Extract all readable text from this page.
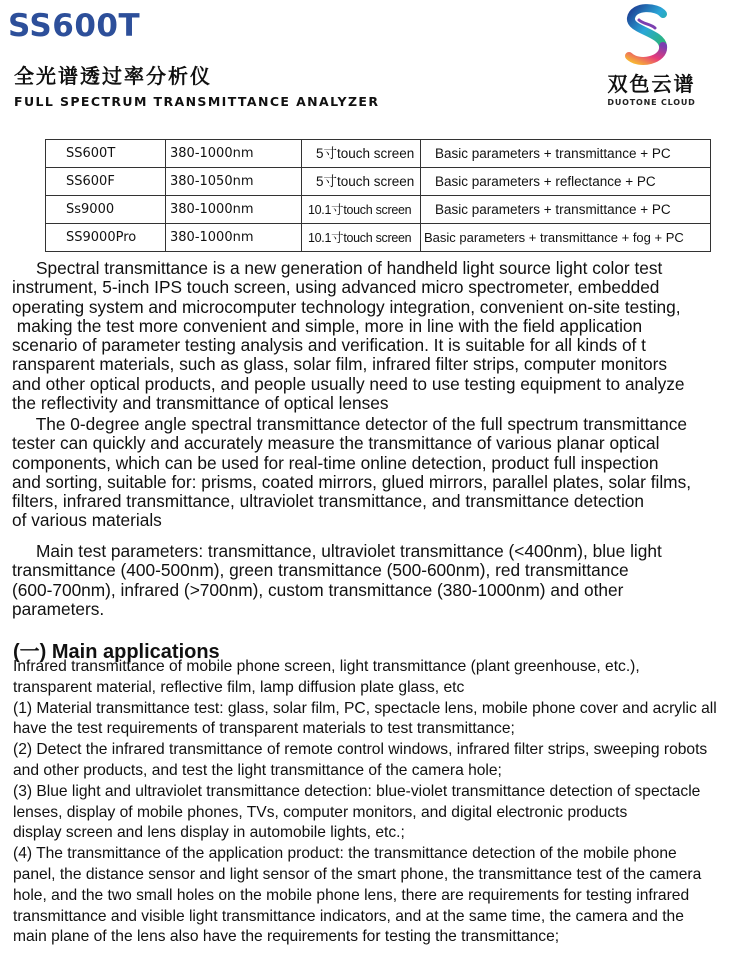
SS600T
全光谱透过率分析仪
FULL SPECTRUM TRANSMITTANCE ANALYZER
双色云谱
DUOTONE CLOUD
SS600T	380-1000nm	5寸touch screen	Basic parameters + transmittance + PC
SS600F	380-1050nm	5寸touch screen	Basic parameters + reflectance + PC
Ss9000	380-1000nm	10.1寸touch screen	Basic parameters + transmittance + PC
SS9000Pro	380-1000nm	10.1寸touch screen	Basic parameters + transmittance + fog + PC
Spectral transmittance is a new generation of handheld light source light color test
instrument, 5-inch IPS touch screen, using advanced micro spectrometer, embedded
operating system and microcomputer technology integration, convenient on-site testing,
making the test more convenient and simple, more in line with the field application
scenario of parameter testing analysis and verification. It is suitable for all kinds of t
ransparent materials, such as glass, solar film, infrared filter strips, computer monitors
and other optical products, and people usually need to use testing equipment to analyze
the reflectivity and transmittance of optical lenses
The 0-degree angle spectral transmittance detector of the full spectrum transmittance
tester can quickly and accurately measure the transmittance of various planar optical
components, which can be used for real-time online detection, product full inspection
and sorting, suitable for: prisms, coated mirrors, glued mirrors, parallel plates, solar films,
filters, infrared transmittance, ultraviolet transmittance, and transmittance detection
of various materials
Main test parameters: transmittance, ultraviolet transmittance (<400nm), blue light
transmittance (400-500nm), green transmittance (500-600nm), red transmittance
(600-700nm), infrared (>700nm), custom transmittance (380-1000nm) and other
parameters.
(一) Main applications
Infrared transmittance of mobile phone screen, light transmittance (plant greenhouse, etc.),
transparent material, reflective film, lamp diffusion plate glass, etc
(1) Material transmittance test: glass, solar film, PC, spectacle lens, mobile phone cover and acrylic all
have the test requirements of transparent materials to test transmittance;
(2) Detect the infrared transmittance of remote control windows, infrared filter strips, sweeping robots
and other products, and test the light transmittance of the camera hole;
(3) Blue light and ultraviolet transmittance detection: blue-violet transmittance detection of spectacle
lenses, display of mobile phones, TVs, computer monitors, and digital electronic products
display screen and lens display in automobile lights, etc.;
(4) The transmittance of the application product: the transmittance detection of the mobile phone
panel, the distance sensor and light sensor of the smart phone, the transmittance test of the camera
hole, and the two small holes on the mobile phone lens, there are requirements for testing infrared
transmittance and visible light transmittance indicators, and at the same time, the camera and the
main plane of the lens also have the requirements for testing the transmittance;
